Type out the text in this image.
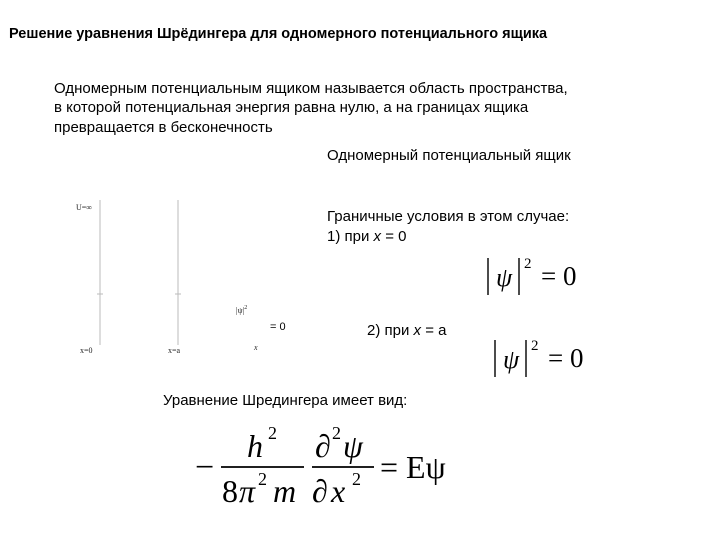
Решение уравнения Шрёдингера для одномерного потенциального ящика
Одномерным потенциальным ящиком называется область пространства,
в которой потенциальная энергия равна нулю, а на границах ящика
превращается в бесконечность
Одномерный потенциальный ящик
Граничные условия в этом случае:
1) при x = 0
2) при x = a
Уравнение Шредингера имеет вид:
U=∞
$|\psi|^2$
= 0
x=0	x=a	x
ψ 2 = 0
ψ 2 = 0
−
h 2
8 π 2 m
∂ 2 ψ
∂ x 2 = Eψ
